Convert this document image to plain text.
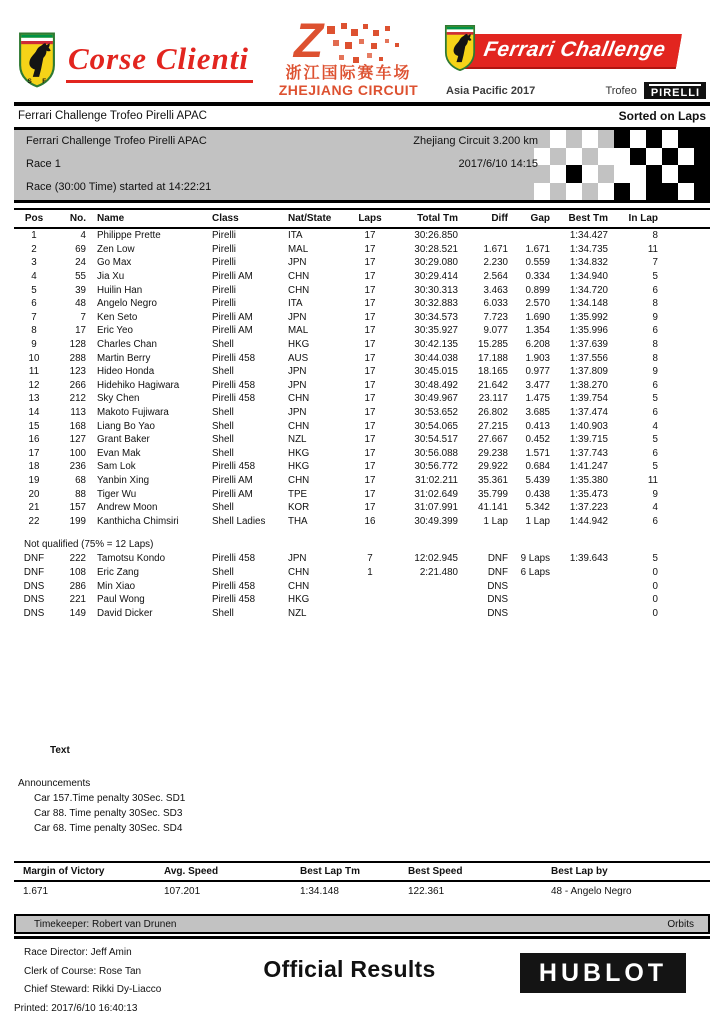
S F
Corse Clienti Z
浙江国际赛车场
ZHEJIANG CIRCUIT
Ferrari Challenge
Asia Pacific 2017	Trofeo	PIRELLI
Ferrari Challenge Trofeo Pirelli APAC	Sorted on Laps
Ferrari Challenge Trofeo Pirelli APAC	Zhejiang Circuit 3.200 km
Race 1	2017/6/10 14:15
Race (30:00 Time) started at 14:22:21
Pos	No.	Name	Class	Nat/State	Laps	Total Tm	Diff	Gap	Best Tm	In Lap
1	4	Philippe Prette	Pirelli	ITA	17	30:26.850			1:34.427	8
2	69	Zen Low	Pirelli	MAL	17	30:28.521	1.671	1.671	1:34.735	11
3	24	Go Max	Pirelli	JPN	17	30:29.080	2.230	0.559	1:34.832	7
4	55	Jia Xu	Pirelli AM	CHN	17	30:29.414	2.564	0.334	1:34.940	5
5	39	Huilin Han	Pirelli	CHN	17	30:30.313	3.463	0.899	1:34.720	6
6	48	Angelo Negro	Pirelli	ITA	17	30:32.883	6.033	2.570	1:34.148	8
7	7	Ken Seto	Pirelli AM	JPN	17	30:34.573	7.723	1.690	1:35.992	9
8	17	Eric Yeo	Pirelli AM	MAL	17	30:35.927	9.077	1.354	1:35.996	6
9	128	Charles Chan	Shell	HKG	17	30:42.135	15.285	6.208	1:37.639	8
10	288	Martin Berry	Pirelli 458	AUS	17	30:44.038	17.188	1.903	1:37.556	8
11	123	Hideo Honda	Shell	JPN	17	30:45.015	18.165	0.977	1:37.809	9
12	266	Hidehiko Hagiwara	Pirelli 458	JPN	17	30:48.492	21.642	3.477	1:38.270	6
13	212	Sky Chen	Pirelli 458	CHN	17	30:49.967	23.117	1.475	1:39.754	5
14	113	Makoto Fujiwara	Shell	JPN	17	30:53.652	26.802	3.685	1:37.474	6
15	168	Liang Bo Yao	Shell	CHN	17	30:54.065	27.215	0.413	1:40.903	4
16	127	Grant Baker	Shell	NZL	17	30:54.517	27.667	0.452	1:39.715	5
17	100	Evan Mak	Shell	HKG	17	30:56.088	29.238	1.571	1:37.743	6
18	236	Sam Lok	Pirelli 458	HKG	17	30:56.772	29.922	0.684	1:41.247	5
19	68	Yanbin Xing	Pirelli AM	CHN	17	31:02.211	35.361	5.439	1:35.380	11
20	88	Tiger Wu	Pirelli AM	TPE	17	31:02.649	35.799	0.438	1:35.473	9
21	157	Andrew Moon	Shell	KOR	17	31:07.991	41.141	5.342	1:37.223	4
22	199	Kanthicha Chimsiri	Shell Ladies	THA	16	30:49.399	1 Lap	1 Lap	1:44.942	6

Not qualified (75% = 12 Laps)										
DNF	222	Tamotsu Kondo	Pirelli 458	JPN	7	12:02.945	DNF	9 Laps	1:39.643	5
DNF	108	Eric Zang	Shell	CHN	1	2:21.480	DNF	6 Laps		0
DNS	286	Min Xiao	Pirelli 458	CHN			DNS			0
DNS	221	Paul Wong	Pirelli 458	HKG			DNS			0
DNS	149	David Dicker	Shell	NZL			DNS			0
Text
Announcements
Car 157.Time penalty 30Sec. SD1
Car 88. Time penalty 30Sec. SD3
Car 68. Time penalty 30Sec. SD4
Margin of Victory	Avg. Speed	Best Lap Tm	Best Speed	Best Lap by
1.671	107.201	1:34.148	122.361	48 - Angelo Negro
Timekeeper: Robert van Drunen	Orbits
Race Director: Jeff Amin
Clerk of Course: Rose Tan
Chief Steward: Rikki Dy-Liacco
Printed: 2017/6/10 16:40:13
Official Results	HUBLOT
